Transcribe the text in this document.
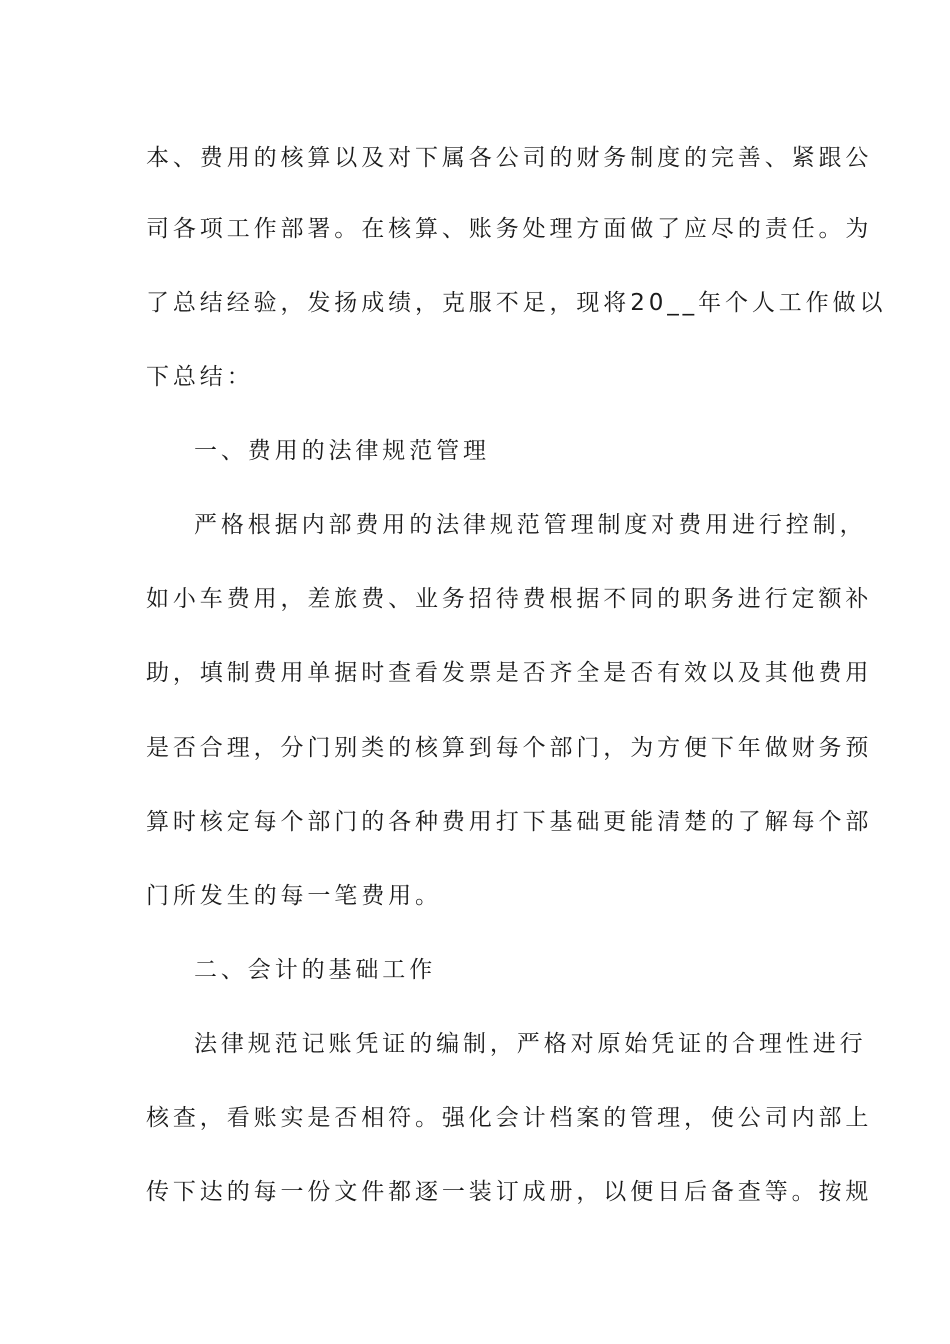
本、费用的核算以及对下属各公司的财务制度的完善、紧跟公
司各项工作部署。在核算、账务处理方面做了应尽的责任。为
了总结经验，发扬成绩，克服不足，现将20__年个人工作做以
下总结：
一、费用的法律规范管理
严格根据内部费用的法律规范管理制度对费用进行控制，
如小车费用，差旅费、业务招待费根据不同的职务进行定额补
助，填制费用单据时查看发票是否齐全是否有效以及其他费用
是否合理，分门别类的核算到每个部门，为方便下年做财务预
算时核定每个部门的各种费用打下基础更能清楚的了解每个部
门所发生的每一笔费用。
二、会计的基础工作
法律规范记账凭证的编制，严格对原始凭证的合理性进行
核查，看账实是否相符。强化会计档案的管理，使公司内部上
传下达的每一份文件都逐一装订成册，以便日后备查等。按规
